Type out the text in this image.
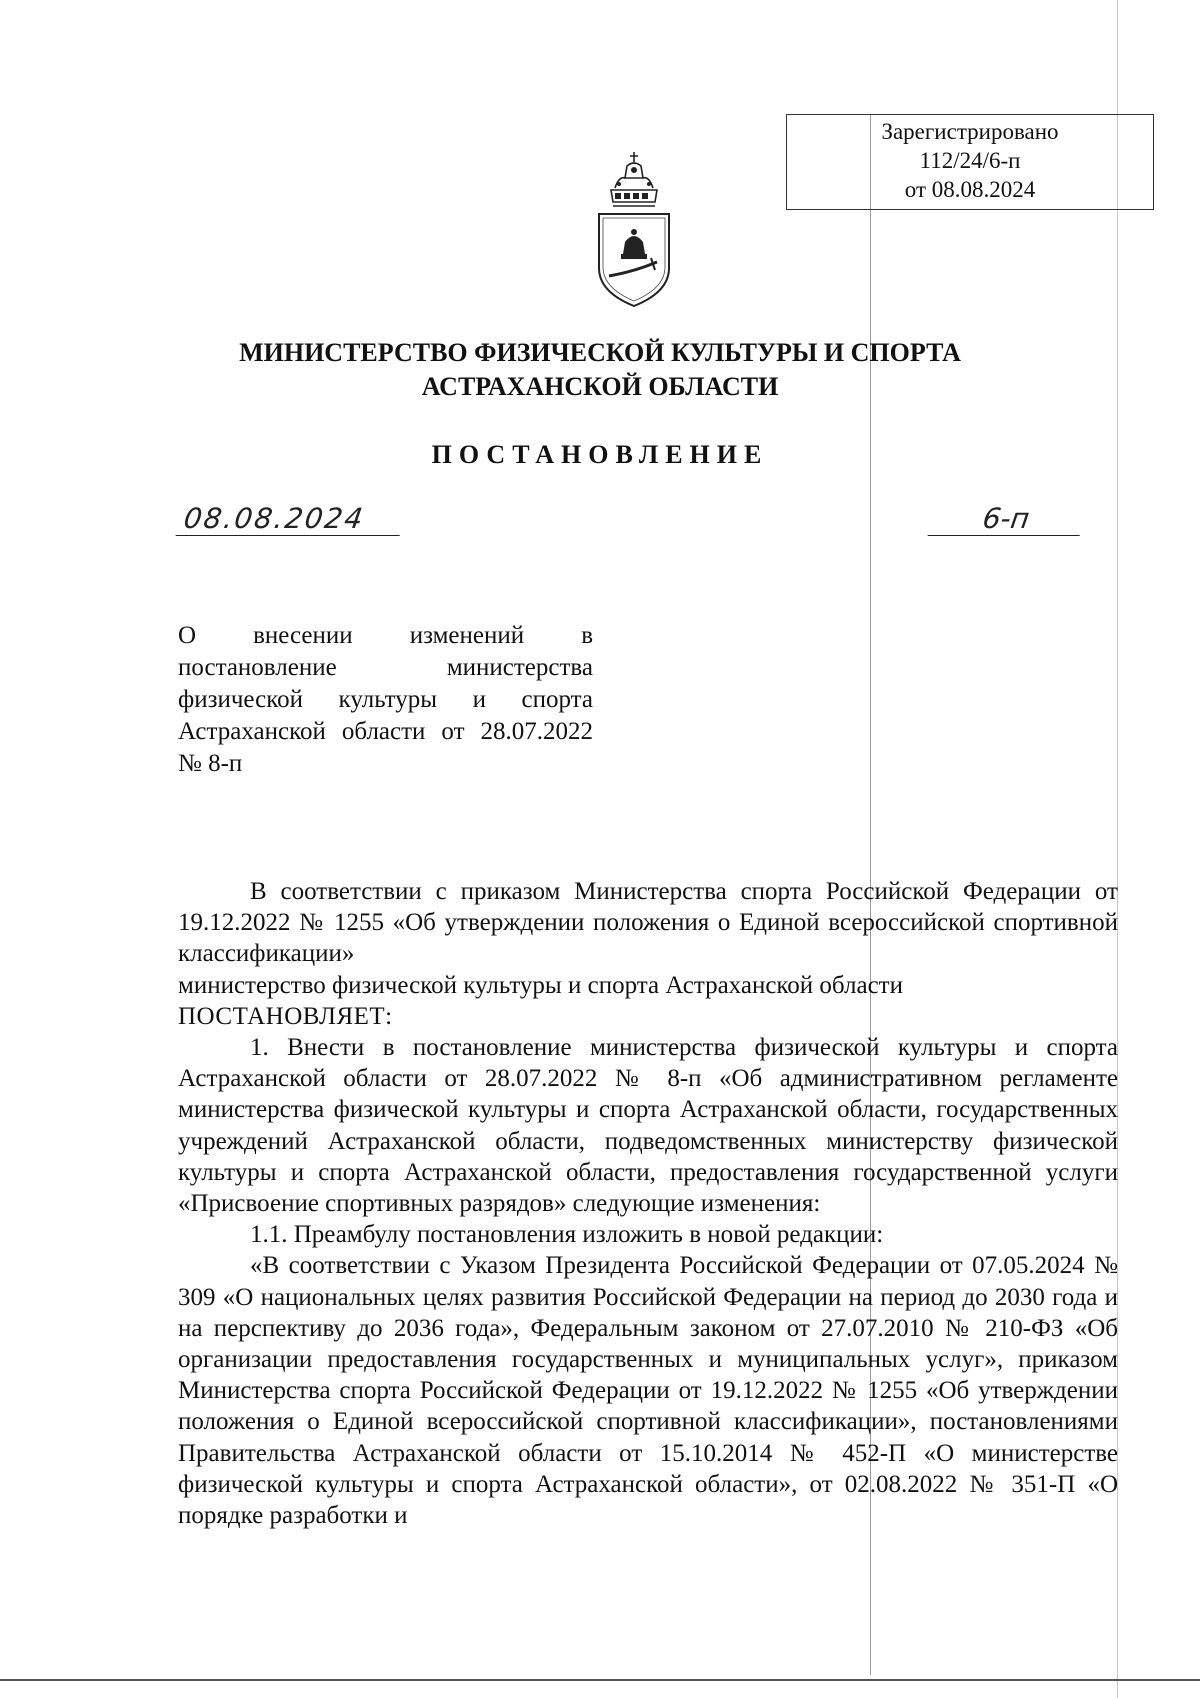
Зарегистрировано
112/24/6-п
от 08.08.2024
МИНИСТЕРСТВО ФИЗИЧЕСКОЙ КУЛЬТУРЫ И СПОРТА
АСТРАХАНСКОЙ ОБЛАСТИ
ПОСТАНОВЛЕНИЕ
08.08.2024	6-п
О внесении изменений в постановление министерства физической культуры и спорта Астраханской области от 28.07.2022 № 8-п

В соответствии с приказом Министерства спорта Российской Федерации от 19.12.2022 № 1255 «Об утверждении положения о Единой всероссийской спортивной классификации»

министерство физической культуры и спорта Астраханской области

ПОСТАНОВЛЯЕТ:

1. Внести в постановление министерства физической культуры и спорта Астраханской области от 28.07.2022 № 8-п «Об административном регламенте министерства физической культуры и спорта Астраханской области, государственных учреждений Астраханской области, подведомственных министерству физической культуры и спорта Астраханской области, предоставления государственной услуги «Присвоение спортивных разрядов» следующие изменения:

1.1. Преамбулу постановления изложить в новой редакции:

«В соответствии с Указом Президента Российской Федерации от 07.05.2024 № 309 «О национальных целях развития Российской Федерации на период до 2030 года и на перспективу до 2036 года», Федеральным законом от 27.07.2010 № 210-ФЗ «Об организации предоставления государственных и муниципальных услуг», приказом Министерства спорта Российской Федерации от 19.12.2022 № 1255 «Об утверждении положения о Единой всероссийской спортивной классификации», постановлениями Правительства Астраханской области от 15.10.2014 № 452-П «О министерстве физической культуры и спорта Астраханской области», от 02.08.2022 № 351-П «О порядке разработки и
